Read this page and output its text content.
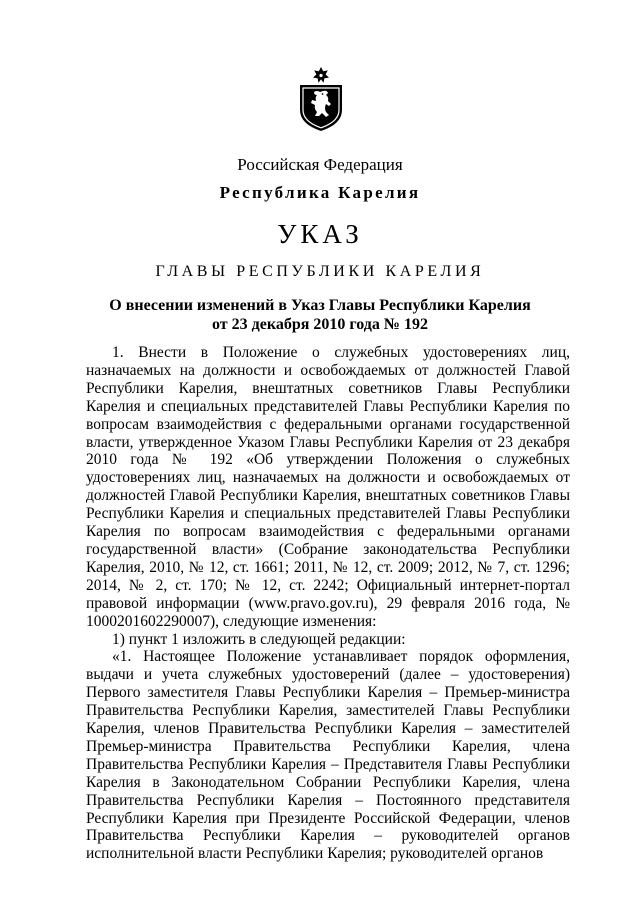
Российская Федерация
Республика Карелия
УКАЗ
ГЛАВЫ РЕСПУБЛИКИ КАРЕЛИЯ
О внесении изменений в Указ Главы Республики Карелия
от 23 декабря 2010 года № 192

1. Внести в Положение о служебных удостоверениях лиц, назначаемых на должности и освобождаемых от должностей Главой Республики Карелия, внештатных советников Главы Республики Карелия и специальных представителей Главы Республики Карелия по вопросам взаимодействия с федеральными органами государственной власти, утвержденное Указом Главы Республики Карелия от 23 декабря 2010 года № 192 «Об утверждении Положения о служебных удостоверениях лиц, назначаемых на должности и освобождаемых от должностей Главой Республики Карелия, внештатных советников Главы Республики Карелия и специальных представителей Главы Республики Карелия по вопросам взаимодействия с федеральными органами государственной власти» (Собрание законодательства Республики Карелия, 2010, № 12, ст. 1661; 2011, № 12, ст. 2009; 2012, № 7, ст. 1296; 2014, № 2, ст. 170; № 12, ст. 2242; Официальный интернет-портал правовой информации (www.pravo.gov.ru), 29 февраля 2016 года, № 1000201602290007), следующие изменения:

1) пункт 1 изложить в следующей редакции:

«1. Настоящее Положение устанавливает порядок оформления, выдачи и учета служебных удостоверений (далее – удостоверения) Первого заместителя Главы Республики Карелия – Премьер-министра Правительства Республики Карелия, заместителей Главы Республики Карелия, членов Правительства Республики Карелия – заместителей Премьер-министра Правительства Республики Карелия, члена Правительства Республики Карелия – Представителя Главы Республики Карелия в Законодательном Собрании Республики Карелия, члена Правительства Республики Карелия – Постоянного представителя Республики Карелия при Президенте Российской Федерации, членов Правительства Республики Карелия – руководителей органов исполнительной власти Республики Карелия; руководителей органов
